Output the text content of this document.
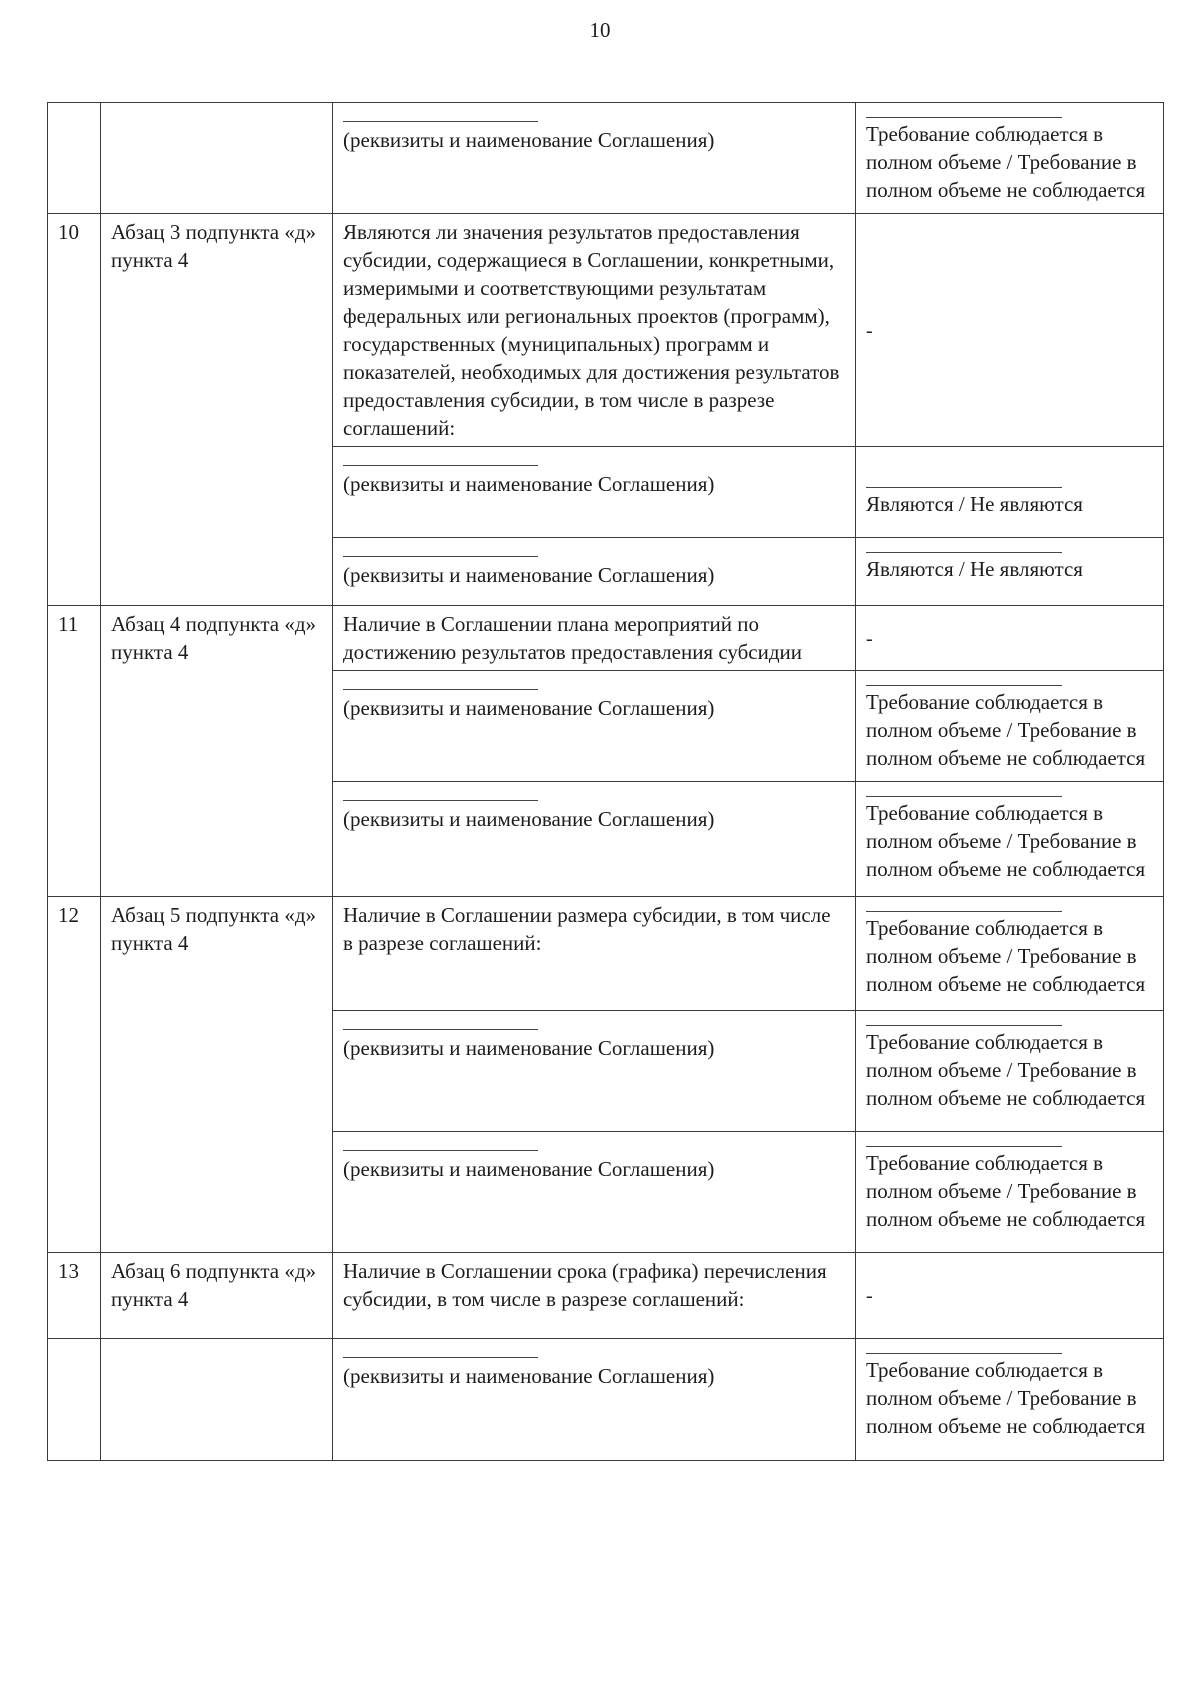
10

(реквизиты и наименование Соглашения)	Требование соблюдается в полном объеме / Требование в полном объеме не соблюдается
10	Абзац 3 подпункта «д» пункта 4	Являются ли значения результатов предоставления субсидии, содержащиеся в Соглашении, конкретными, измеримыми и соответствующими результатам федеральных или региональных проектов (программ), государственных (муниципальных) программ и показателей, необходимых для достижения результатов предоставления субсидии, в том числе в разрезе соглашений:	-

(реквизиты и наименование Соглашения)	Являются / Не являются

(реквизиты и наименование Соглашения)	Являются / Не являются
11	Абзац 4 подпункта «д» пункта 4	Наличие в Соглашении плана мероприятий по достижению результатов предоставления субсидии	-

(реквизиты и наименование Соглашения)	Требование соблюдается в полном объеме / Требование в полном объеме не соблюдается

(реквизиты и наименование Соглашения)	Требование соблюдается в полном объеме / Требование в полном объеме не соблюдается
12	Абзац 5 подпункта «д» пункта 4	Наличие в Соглашении размера субсидии, в том числе в разрезе соглашений:	Требование соблюдается в полном объеме / Требование в полном объеме не соблюдается

(реквизиты и наименование Соглашения)	Требование соблюдается в полном объеме / Требование в полном объеме не соблюдается

(реквизиты и наименование Соглашения)	Требование соблюдается в полном объеме / Требование в полном объеме не соблюдается
13	Абзац 6 подпункта «д» пункта 4	Наличие в Соглашении срока (графика) перечисления субсидии, в том числе в разрезе соглашений:	-

(реквизиты и наименование Соглашения)	Требование соблюдается в полном объеме / Требование в полном объеме не соблюдается
